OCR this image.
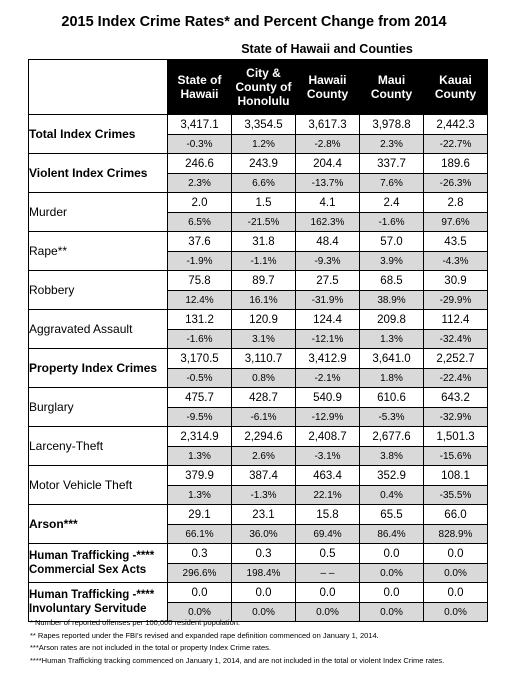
2015 Index Crime Rates* and Percent Change from 2014
State of Hawaii and Counties
	State of Hawaii	City & County of Honolulu	Hawaii County	Maui County	Kauai County
Total Index Crimes	3,417.1	3,354.5	3,617.3	3,978.8	2,442.3
	-0.3%	1.2%	-2.8%	2.3%	-22.7%
Violent Index Crimes	246.6	243.9	204.4	337.7	189.6
	2.3%	6.6%	-13.7%	7.6%	-26.3%
Murder	2.0	1.5	4.1	2.4	2.8
	6.5%	-21.5%	162.3%	-1.6%	97.6%
Rape**	37.6	31.8	48.4	57.0	43.5
	-1.9%	-1.1%	-9.3%	3.9%	-4.3%
Robbery	75.8	89.7	27.5	68.5	30.9
	12.4%	16.1%	-31.9%	38.9%	-29.9%
Aggravated Assault	131.2	120.9	124.4	209.8	112.4
	-1.6%	3.1%	-12.1%	1.3%	-32.4%
Property Index Crimes	3,170.5	3,110.7	3,412.9	3,641.0	2,252.7
	-0.5%	0.8%	-2.1%	1.8%	-22.4%
Burglary	475.7	428.7	540.9	610.6	643.2
	-9.5%	-6.1%	-12.9%	-5.3%	-32.9%
Larceny-Theft	2,314.9	2,294.6	2,408.7	2,677.6	1,501.3
	1.3%	2.6%	-3.1%	3.8%	-15.6%
Motor Vehicle Theft	379.9	387.4	463.4	352.9	108.1
	1.3%	-1.3%	22.1%	0.4%	-35.5%
Arson***	29.1	23.1	15.8	65.5	66.0
	66.1%	36.0%	69.4%	86.4%	828.9%
Human Trafficking -**** Commercial Sex Acts	0.3	0.3	0.5	0.0	0.0
	296.6%	198.4%	– –	0.0%	0.0%
Human Trafficking -**** Involuntary Servitude	0.0	0.0	0.0	0.0	0.0
	0.0%	0.0%	0.0%	0.0%	0.0%
* Number of reported offenses per 100,000 resident population.
** Rapes reported under the FBI's revised and expanded rape definition commenced on January 1, 2014.
***Arson rates are not included in the total or property Index Crime rates.
****Human Trafficking tracking commenced on January 1, 2014, and are not included in the total or violent Index Crime rates.
